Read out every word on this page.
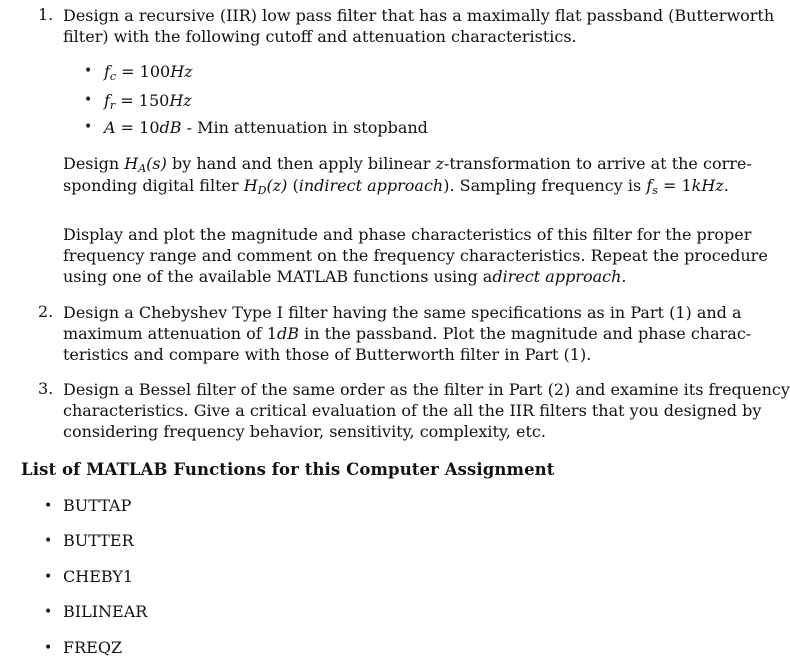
1. Design a recursive (IIR) low pass filter that has a maximally flat passband (Butterworth
filter) with the following cutoff and attenuation characteristics.
• $f_c = 100Hz$
• $f_r = 150Hz$
• A = 10dB - Min attenuation in stopband
Design $H_A(s)$ by hand and then apply bilinear z-transformation to arrive at the corre-
sponding digital filter $H_D(z)$ (indirect approach). Sampling frequency is $f_s = 1kHz$.
Display and plot the magnitude and phase characteristics of this filter for the proper
frequency range and comment on the frequency characteristics. Repeat the procedure
using one of the available MATLAB functions using adirect approach.
2. Design a Chebyshev Type I filter having the same specifications as in Part (1) and a
maximum attenuation of 1dB in the passband. Plot the magnitude and phase charac-
teristics and compare with those of Butterworth filter in Part (1).
3. Design a Bessel filter of the same order as the filter in Part (2) and examine its frequency
characteristics. Give a critical evaluation of the all the IIR filters that you designed by
considering frequency behavior, sensitivity, complexity, etc.
List of MATLAB Functions for this Computer Assignment
• BUTTAP
• BUTTER
• CHEBY1
• BILINEAR
• FREQZ
